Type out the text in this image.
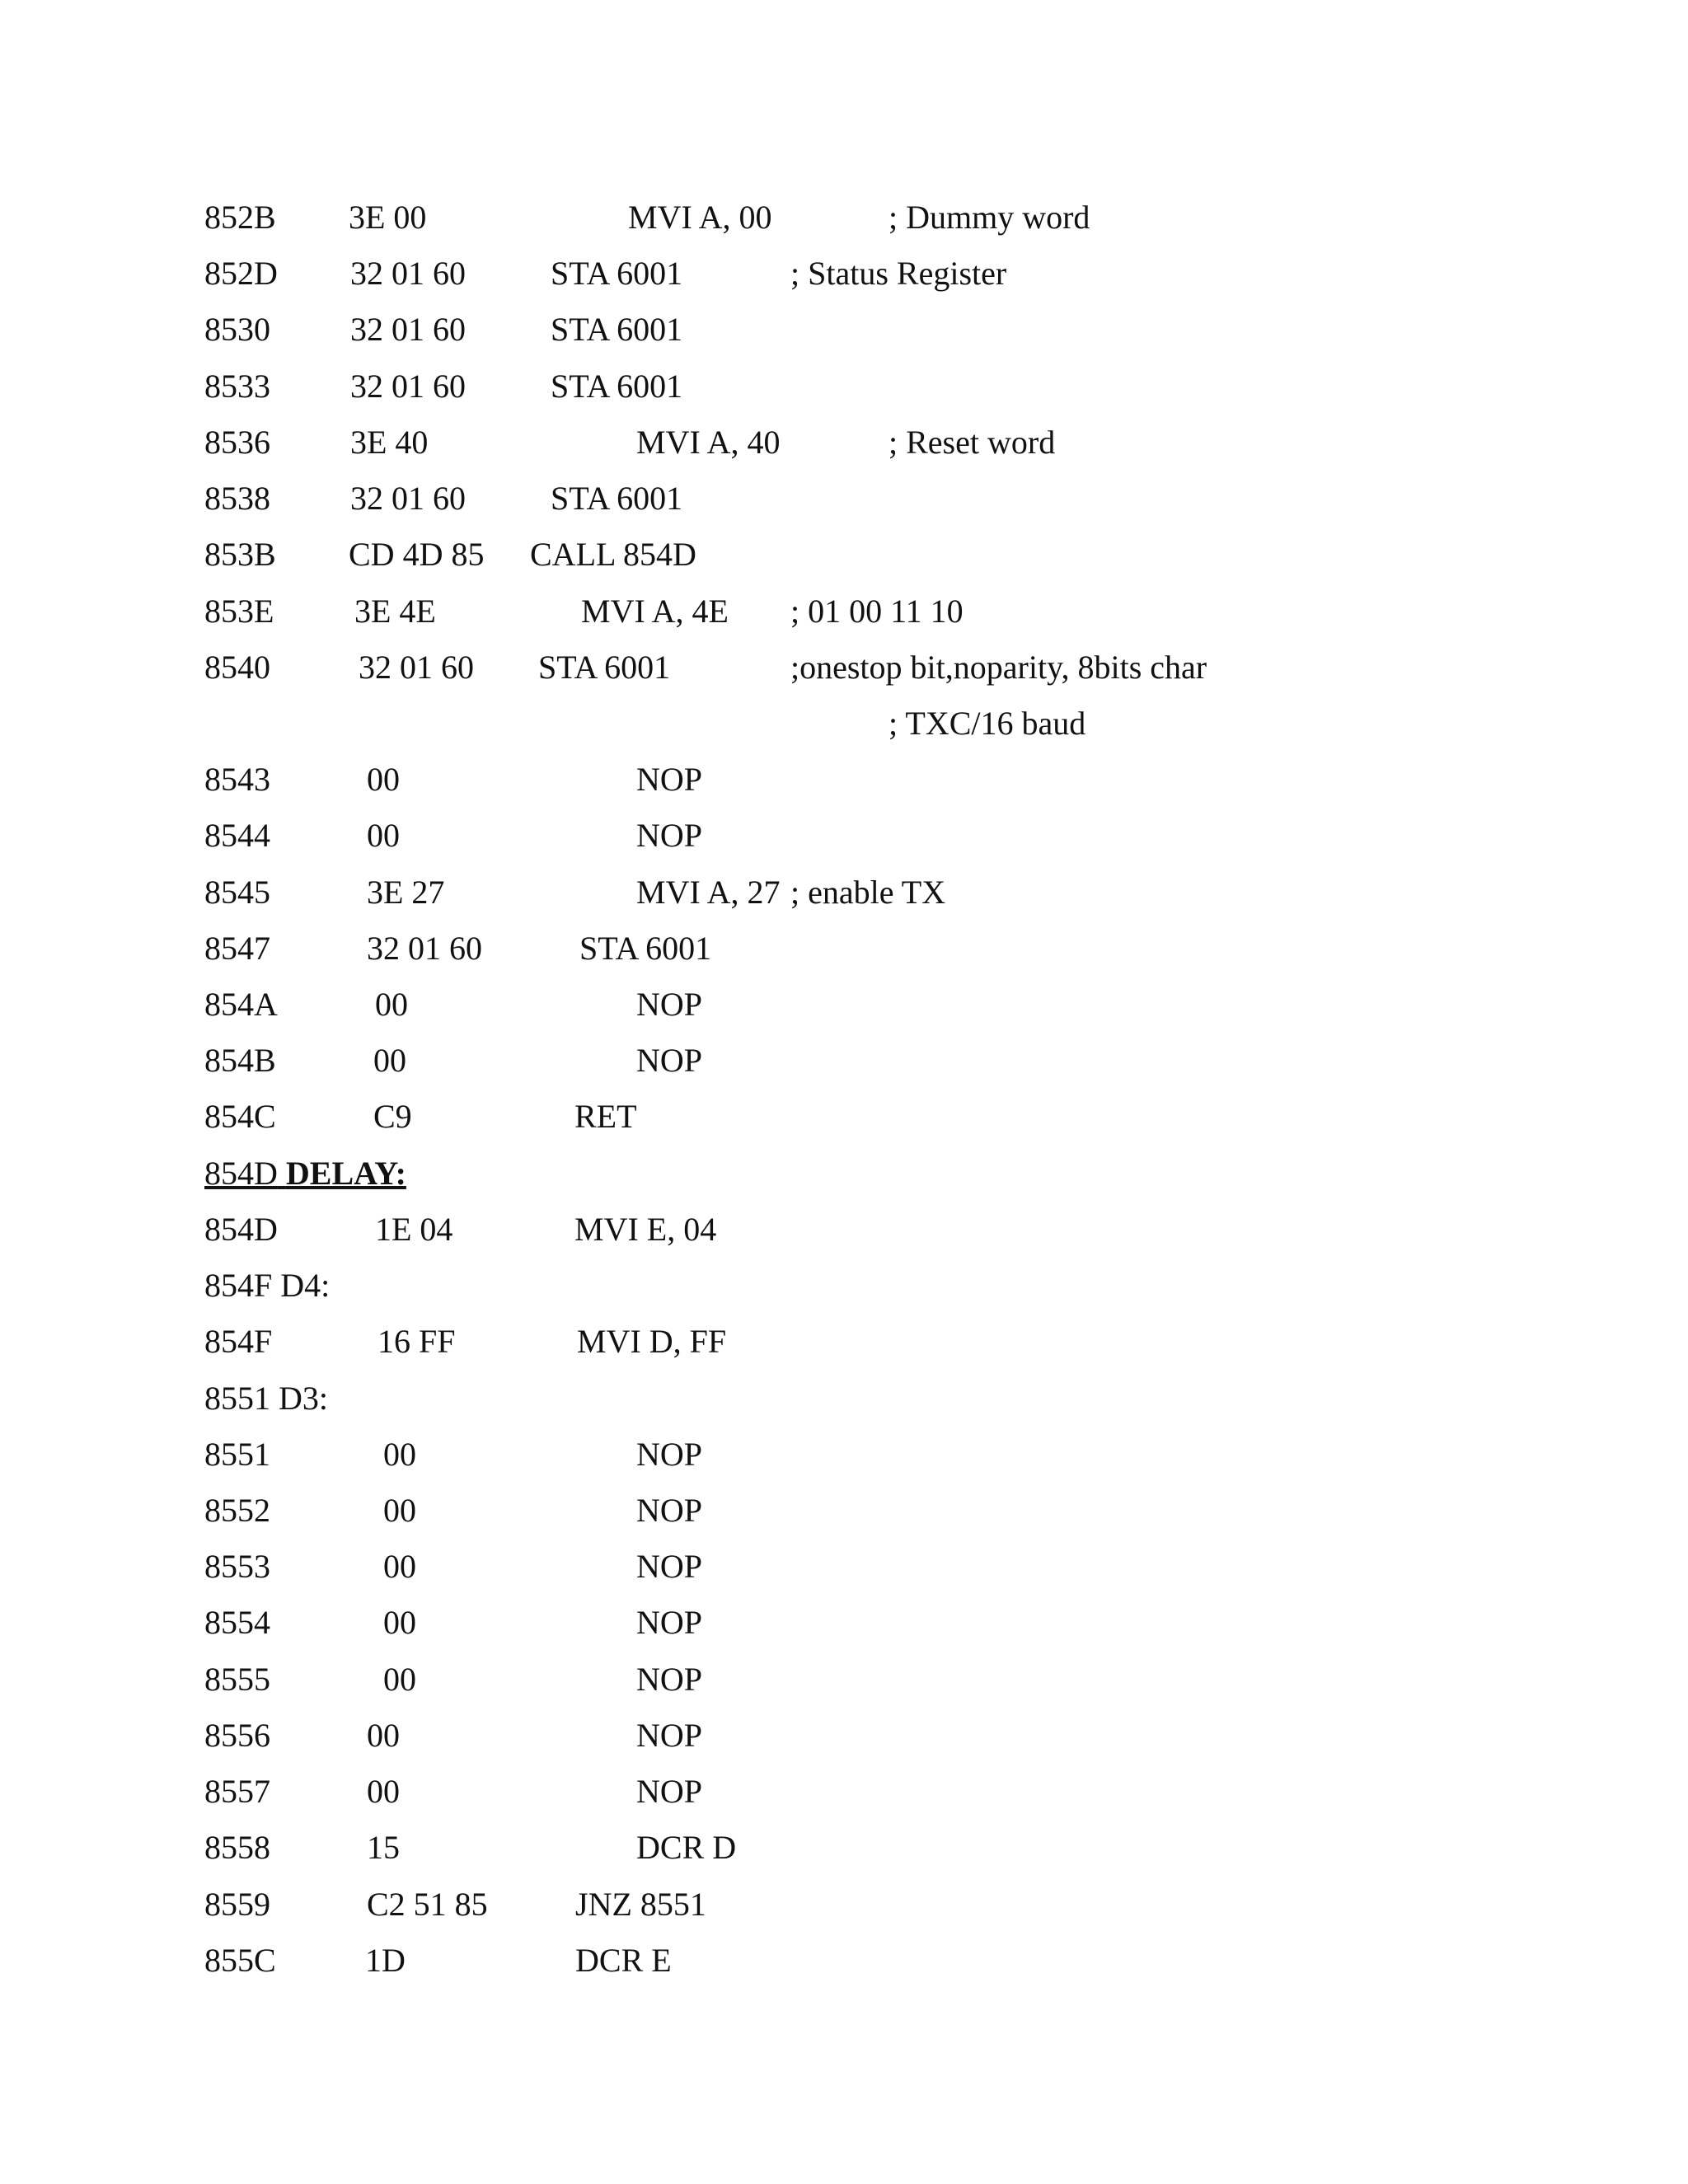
852B 3E 00	MVI A, 00	; Dummy word
852D 32 01 60	STA 6001	; Status Register
8530 32 01 60	STA 6001
8533 32 01 60	STA 6001
8536 3E 40	MVI A, 40	; Reset word
8538 32 01 60	STA 6001
853B CD 4D 85 CALL 854D
853E 3E 4E	MVI A, 4E ; 01 00 11 10
8540	32 01 60 STA 6001	;onestop bit,noparity, 8bits char
; TXC/16 baud
8543	00	NOP
8544	00	NOP
8545	3E 27	MVI A, 27 ; enable TX
8547	32 01 60	STA 6001
854A	00	NOP
854B	00	NOP
854C	C9	RET
854D DELAY:
854D	1E 04	MVI E, 04
854F D4:
854F	16 FF	MVI D, FF
8551 D3:
8551	00	NOP
8552	00	NOP
8553	00	NOP
8554	00	NOP
8555	00	NOP
8556	00	NOP
8557	00	NOP
8558	15	DCR D
8559	C2 51 85	JNZ 8551
855C	1D	DCR E
